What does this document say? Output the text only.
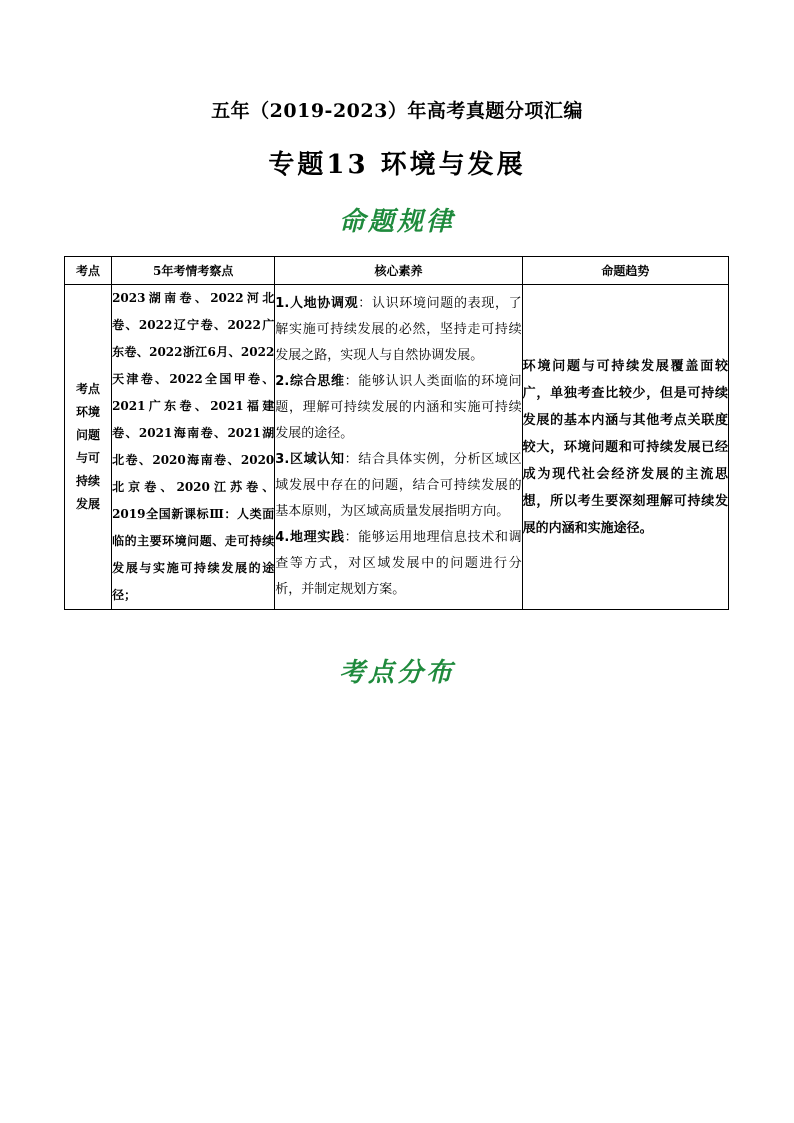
五年（2019-2023）年高考真题分项汇编
专题13 环境与发展
命题规律
考点	5年考情考察点	核心素养	命题趋势

考点环境问题与可持续发展	2023湖南卷、2022河北卷、2022辽宁卷、2022广东卷、2022浙江6月、2022天津卷、2022全国甲卷、2021广东卷、2021福建卷、2021海南卷、2021湖北卷、2020海南卷、2020北京卷、2020江苏卷、2019全国新课标Ⅲ：人类面临的主要环境问题、走可持续发展与实施可持续发展的途径；	1.人地协调观：认识环境问题的表现，了解实施可持续发展的必然，坚持走可持续发展之路，实现人与自然协调发展。
2.综合思维：能够认识人类面临的环境问题，理解可持续发展的内涵和实施可持续发展的途径。
3.区域认知：结合具体实例，分析区域区域发展中存在的问题，结合可持续发展的基本原则，为区域高质量发展指明方向。
4.地理实践：能够运用地理信息技术和调查等方式，对区域发展中的问题进行分析，并制定规划方案。	环境问题与可持续发展覆盖面较广，单独考查比较少，但是可持续发展的基本内涵与其他考点关联度较大，环境问题和可持续发展已经成为现代社会经济发展的主流思想，所以考生要深刻理解可持续发展的内涵和实施途径。
考点分布
